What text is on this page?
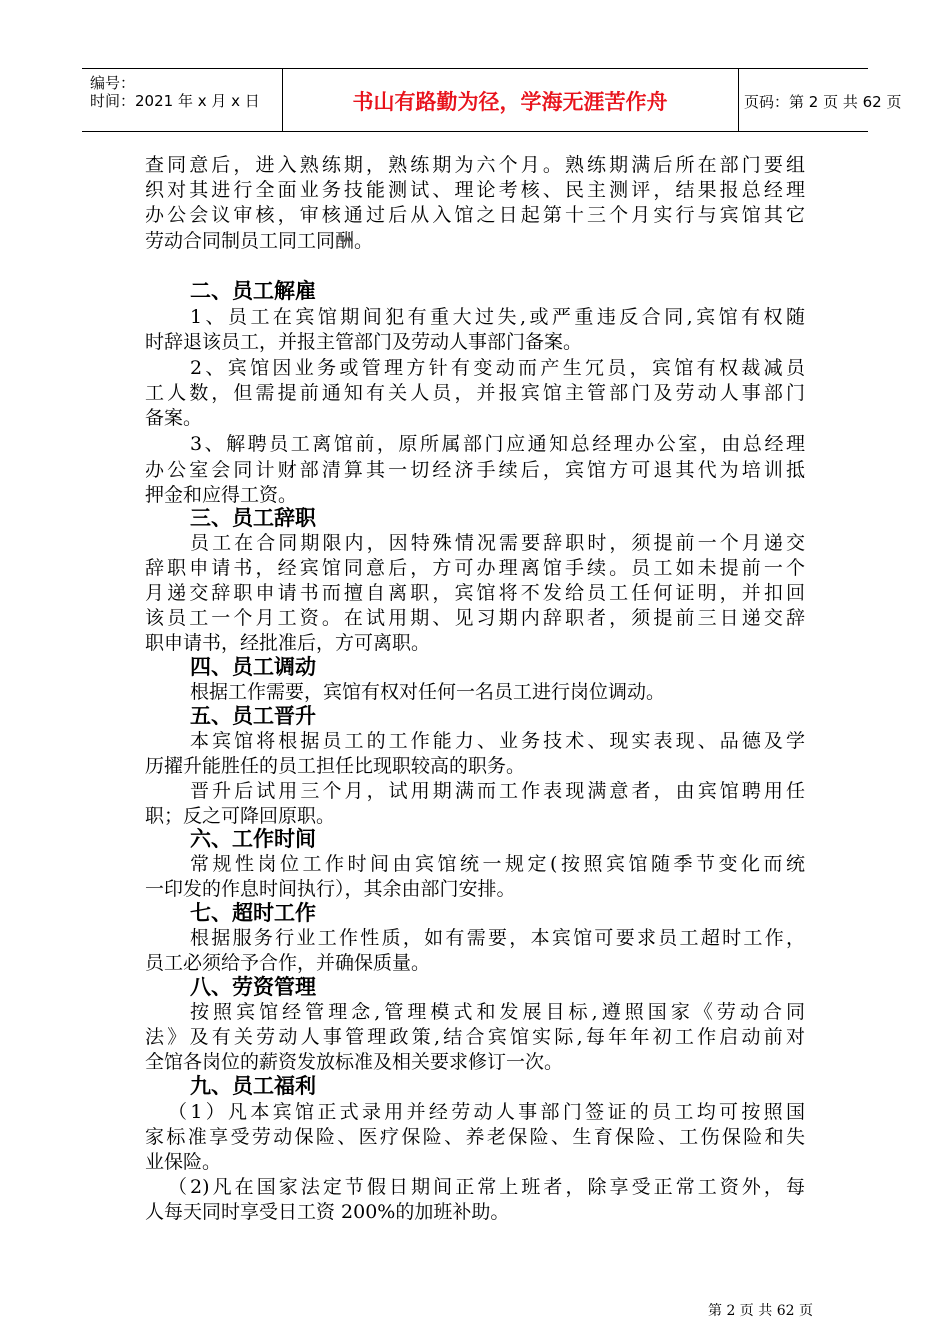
编号：
时间：2021 年 x 月 x 日	书山有路勤为径，学海无涯苦作舟	页码：第 2 页 共 62 页
查同意后，进入熟练期，熟练期为六个月。熟练期满后所在部门要组
织对其进行全面业务技能测试、理论考核、民主测评，结果报总经理
办公会议审核，审核通过后从入馆之日起第十三个月实行与宾馆其它
劳动合同制员工同工同酬。
二、员工解雇
1、员工在宾馆期间犯有重大过失,或严重违反合同,宾馆有权随
时辞退该员工，并报主管部门及劳动人事部门备案。
2、宾馆因业务或管理方针有变动而产生冗员，宾馆有权裁减员
工人数，但需提前通知有关人员，并报宾馆主管部门及劳动人事部门
备案。
3、解聘员工离馆前，原所属部门应通知总经理办公室，由总经理
办公室会同计财部清算其一切经济手续后，宾馆方可退其代为培训抵
押金和应得工资。
三、员工辞职
员工在合同期限内，因特殊情况需要辞职时，须提前一个月递交
辞职申请书，经宾馆同意后，方可办理离馆手续。员工如未提前一个
月递交辞职申请书而擅自离职，宾馆将不发给员工任何证明，并扣回
该员工一个月工资。在试用期、见习期内辞职者，须提前三日递交辞
职申请书，经批准后，方可离职。
四、员工调动
根据工作需要，宾馆有权对任何一名员工进行岗位调动。
五、员工晋升
本宾馆将根据员工的工作能力、业务技术、现实表现、品德及学
历擢升能胜任的员工担任比现职较高的职务。
晋升后试用三个月，试用期满而工作表现满意者，由宾馆聘用任
职；反之可降回原职。
六、工作时间
常规性岗位工作时间由宾馆统一规定(按照宾馆随季节变化而统
一印发的作息时间执行），其余由部门安排。
七、超时工作
根据服务行业工作性质，如有需要，本宾馆可要求员工超时工作，
员工必须给予合作，并确保质量。
八、劳资管理
按照宾馆经管理念,管理模式和发展目标,遵照国家《劳动合同
法》及有关劳动人事管理政策,结合宾馆实际,每年年初工作启动前对
全馆各岗位的薪资发放标准及相关要求修订一次。
九、员工福利
（1）凡本宾馆正式录用并经劳动人事部门签证的员工均可按照国
家标准享受劳动保险、医疗保险、养老保险、生育保险、工伤保险和失
业保险。
（2)凡在国家法定节假日期间正常上班者，除享受正常工资外，每
人每天同时享受日工资 200%的加班补助。
第 2 页 共 62 页
